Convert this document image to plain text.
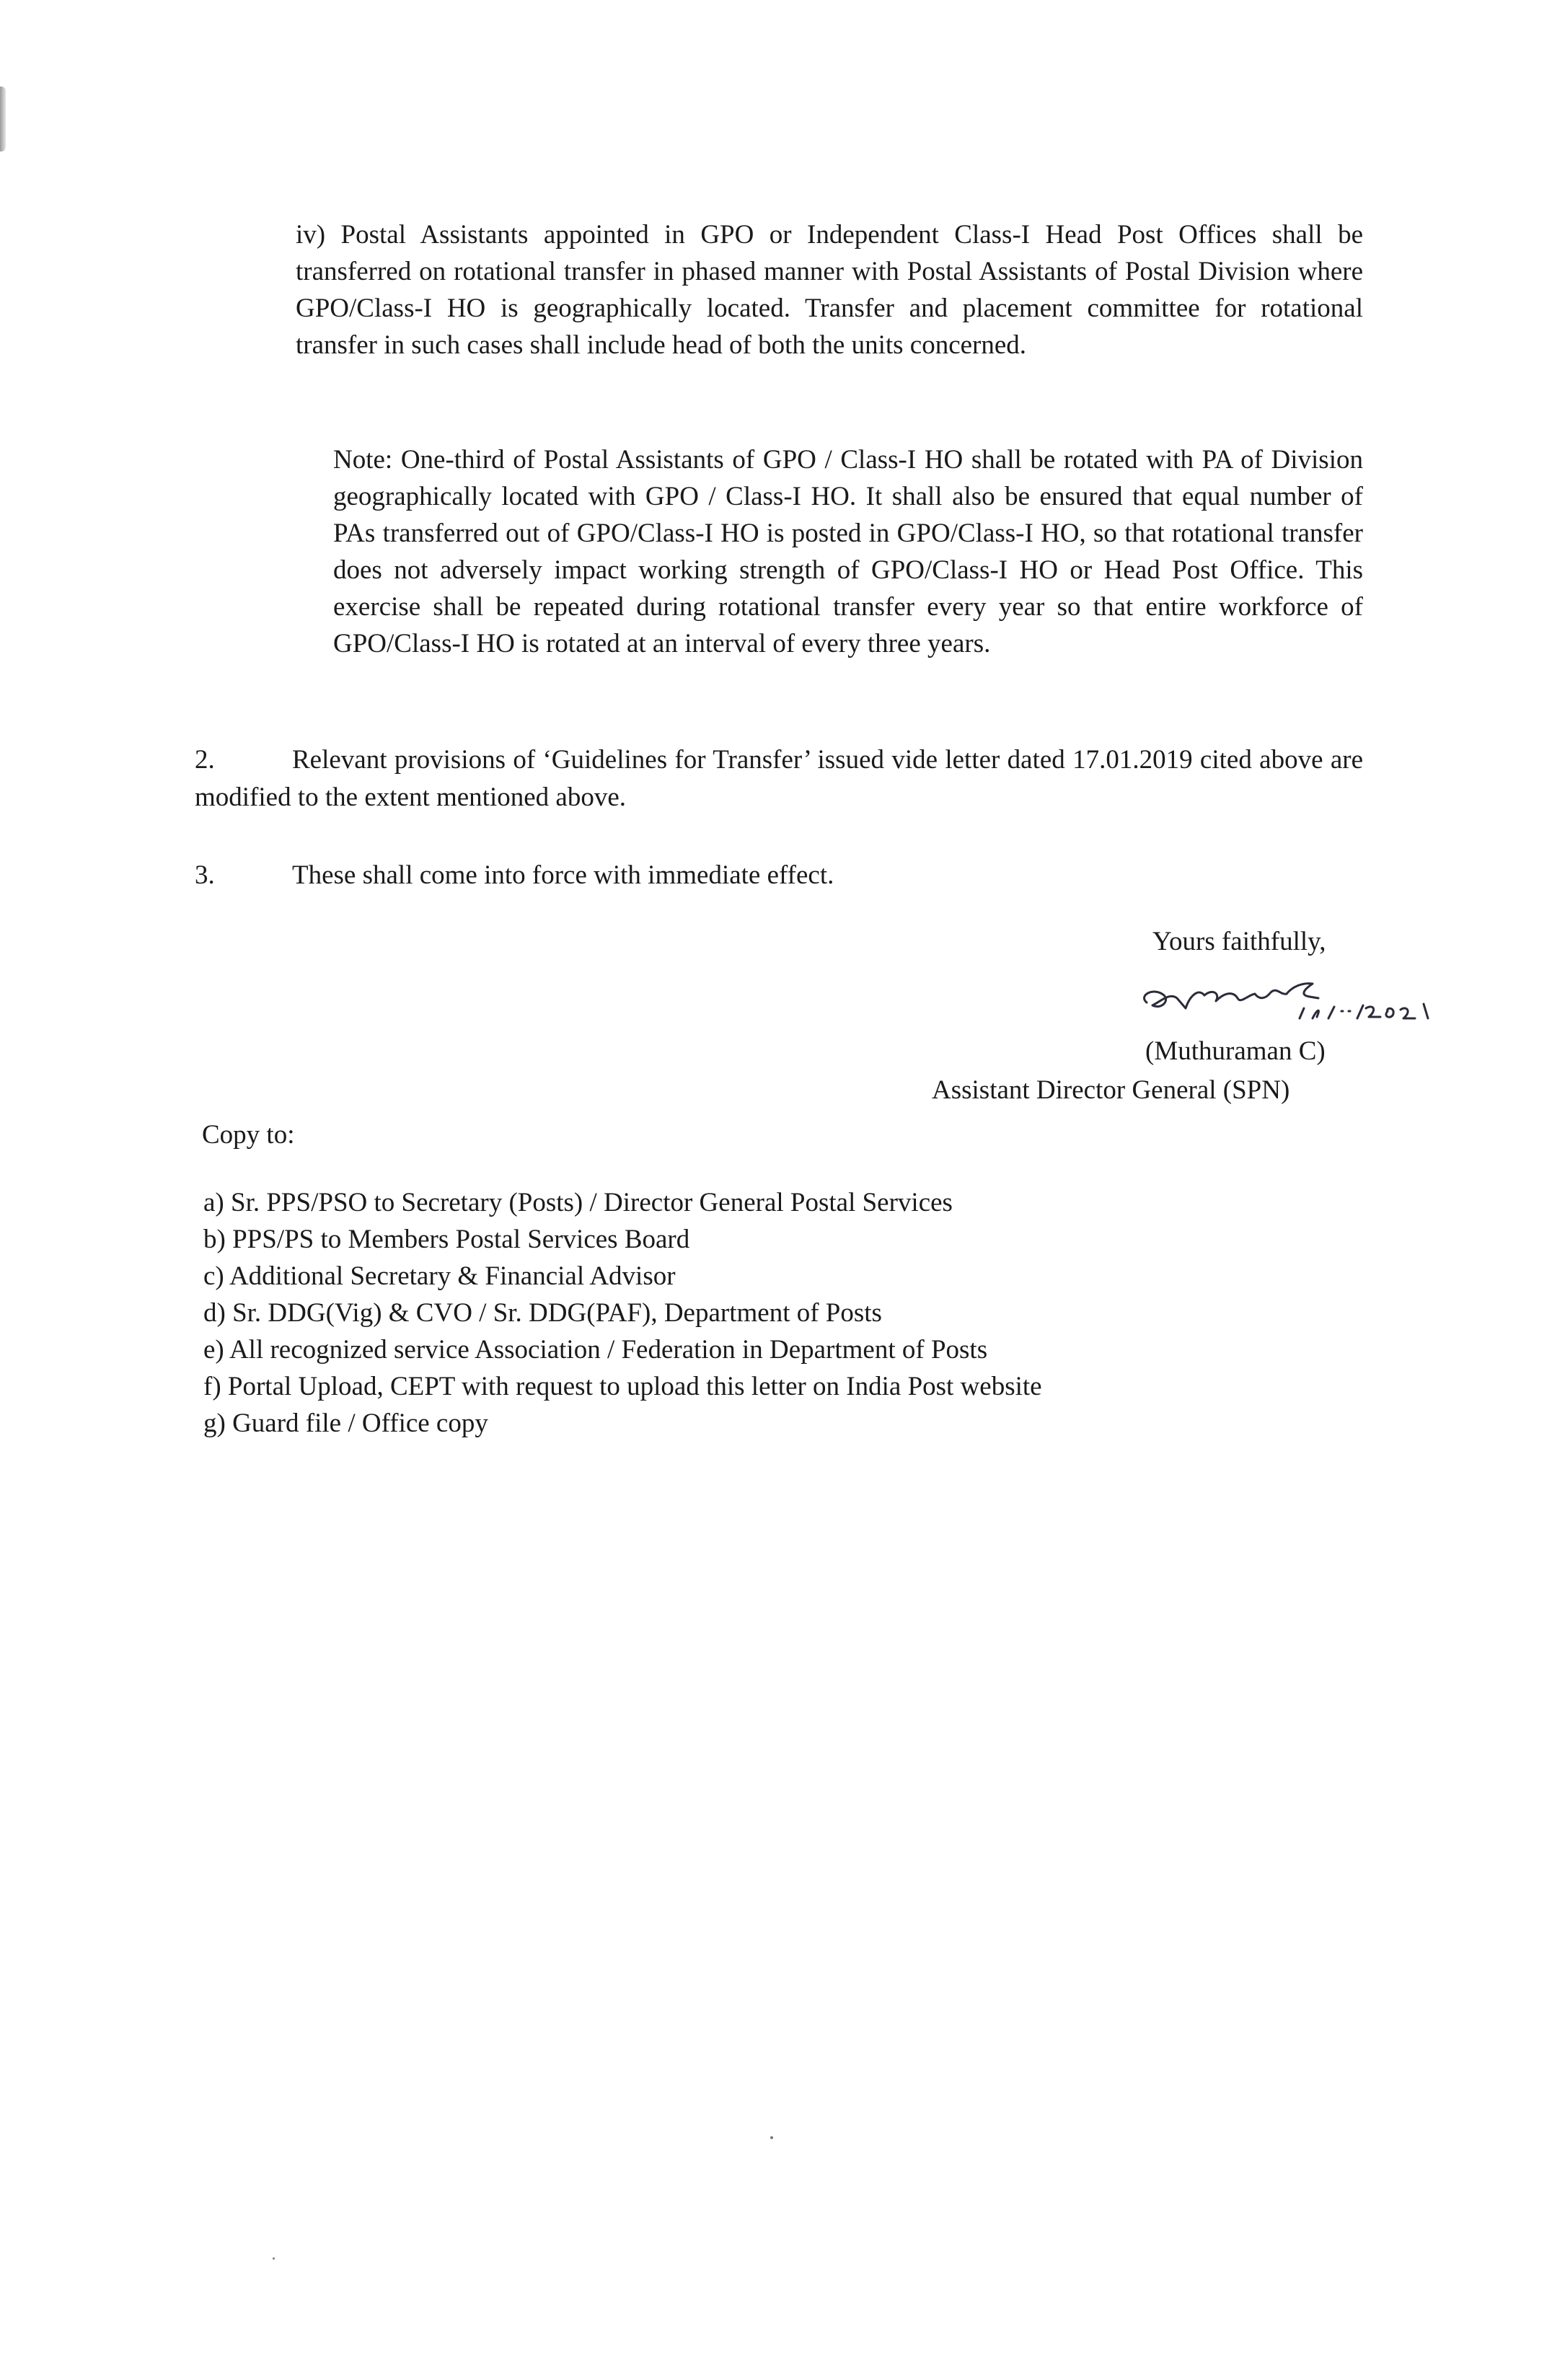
iv) Postal Assistants appointed in GPO or Independent Class-I Head Post Offices shall be transferred on rotational transfer in phased manner with Postal Assistants of Postal Division where GPO/Class-I HO is geographically located. Transfer and placement committee for rotational transfer in such cases shall include head of both the units concerned.

Note: One-third of Postal Assistants of GPO / Class-I HO shall be rotated with PA of Division geographically located with GPO / Class-I HO. It shall also be ensured that equal number of PAs transferred out of GPO/Class-I HO is posted in GPO/Class-I HO, so that rotational transfer does not adversely impact working strength of GPO/Class-I HO or Head Post Office. This exercise shall be repeated during rotational transfer every year so that entire workforce of GPO/Class-I HO is rotated at an interval of every three years.

2.	Relevant provisions of ‘Guidelines for Transfer’ issued vide letter dated 17.01.2019 cited above are modified to the extent mentioned above.

3.	These shall come into force with immediate effect.

Yours faithfully,
(Muthuraman C)
Assistant Director General (SPN)
Copy to:
a) Sr. PPS/PSO to Secretary (Posts) / Director General Postal Services
b) PPS/PS to Members Postal Services Board
c) Additional Secretary & Financial Advisor
d) Sr. DDG(Vig) & CVO / Sr. DDG(PAF), Department of Posts
e) All recognized service Association / Federation in Department of Posts
f) Portal Upload, CEPT with request to upload this letter on India Post website
g) Guard file / Office copy
